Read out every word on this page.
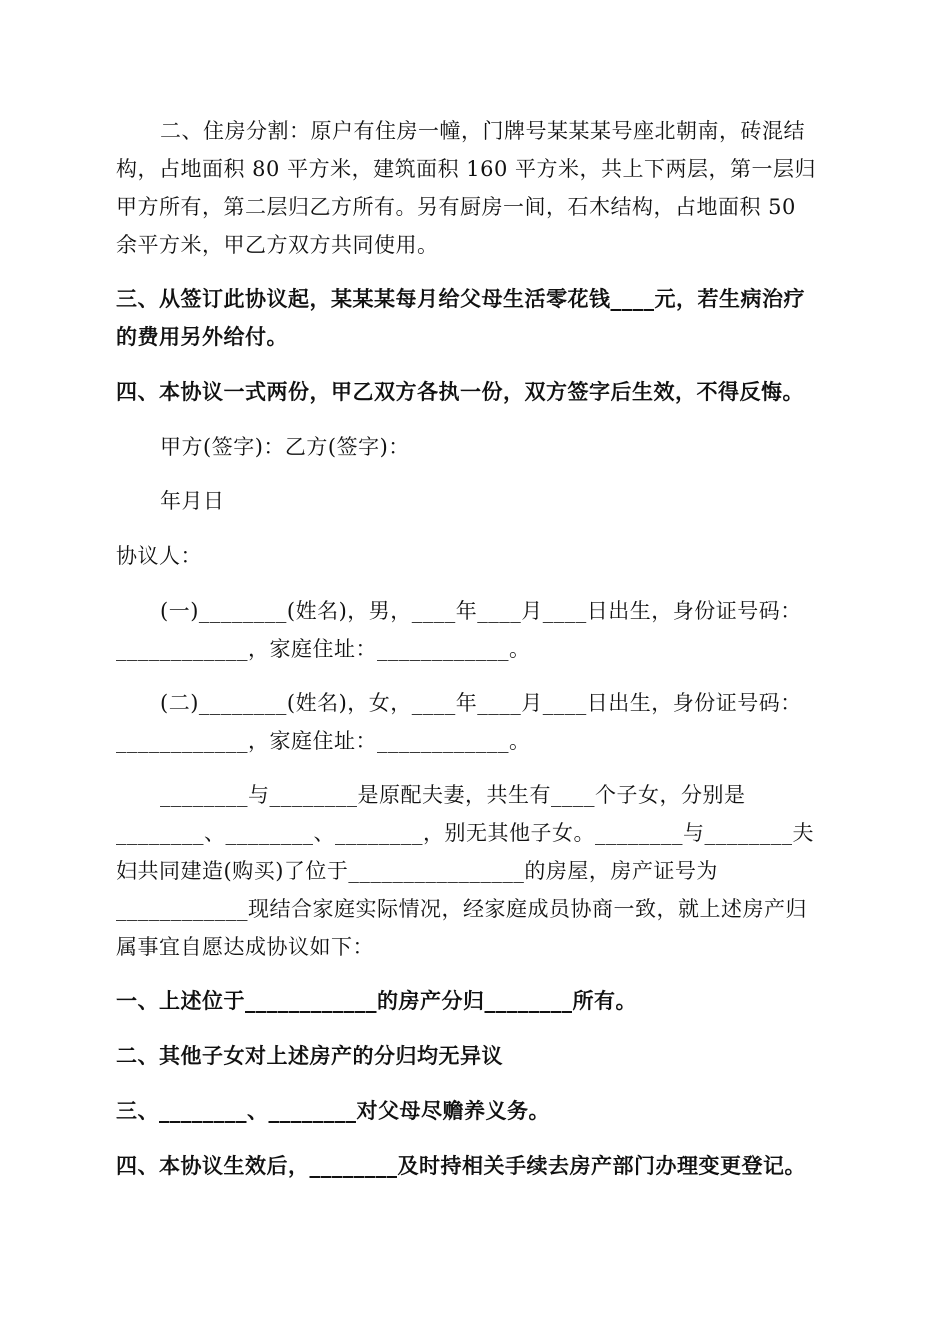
二、住房分割：原户有住房一幢，门牌号某某某号座北朝南，砖混结
构，占地面积 80 平方米，建筑面积 160 平方米，共上下两层，第一层归
甲方所有，第二层归乙方所有。另有厨房一间，石木结构，占地面积 50
余平方米，甲乙方双方共同使用。
三、从签订此协议起，某某某每月给父母生活零花钱____元，若生病治疗
的费用另外给付。
四、本协议一式两份，甲乙双方各执一份，双方签字后生效，不得反悔。
甲方(签字)：乙方(签字)：
年月日
协议人：
(一)________(姓名)，男，____年____月____日出生，身份证号码：
____________，家庭住址：____________。
(二)________(姓名)，女，____年____月____日出生，身份证号码：
____________，家庭住址：____________。
________与________是原配夫妻，共生有____个子女，分别是
________、________、________，别无其他子女。________与________夫
妇共同建造(购买)了位于________________的房屋，房产证号为
____________现结合家庭实际情况，经家庭成员协商一致，就上述房产归
属事宜自愿达成协议如下：
一、上述位于____________的房产分归________所有。
二、其他子女对上述房产的分归均无异议
三、________、________对父母尽赡养义务。
四、本协议生效后，________及时持相关手续去房产部门办理变更登记。
